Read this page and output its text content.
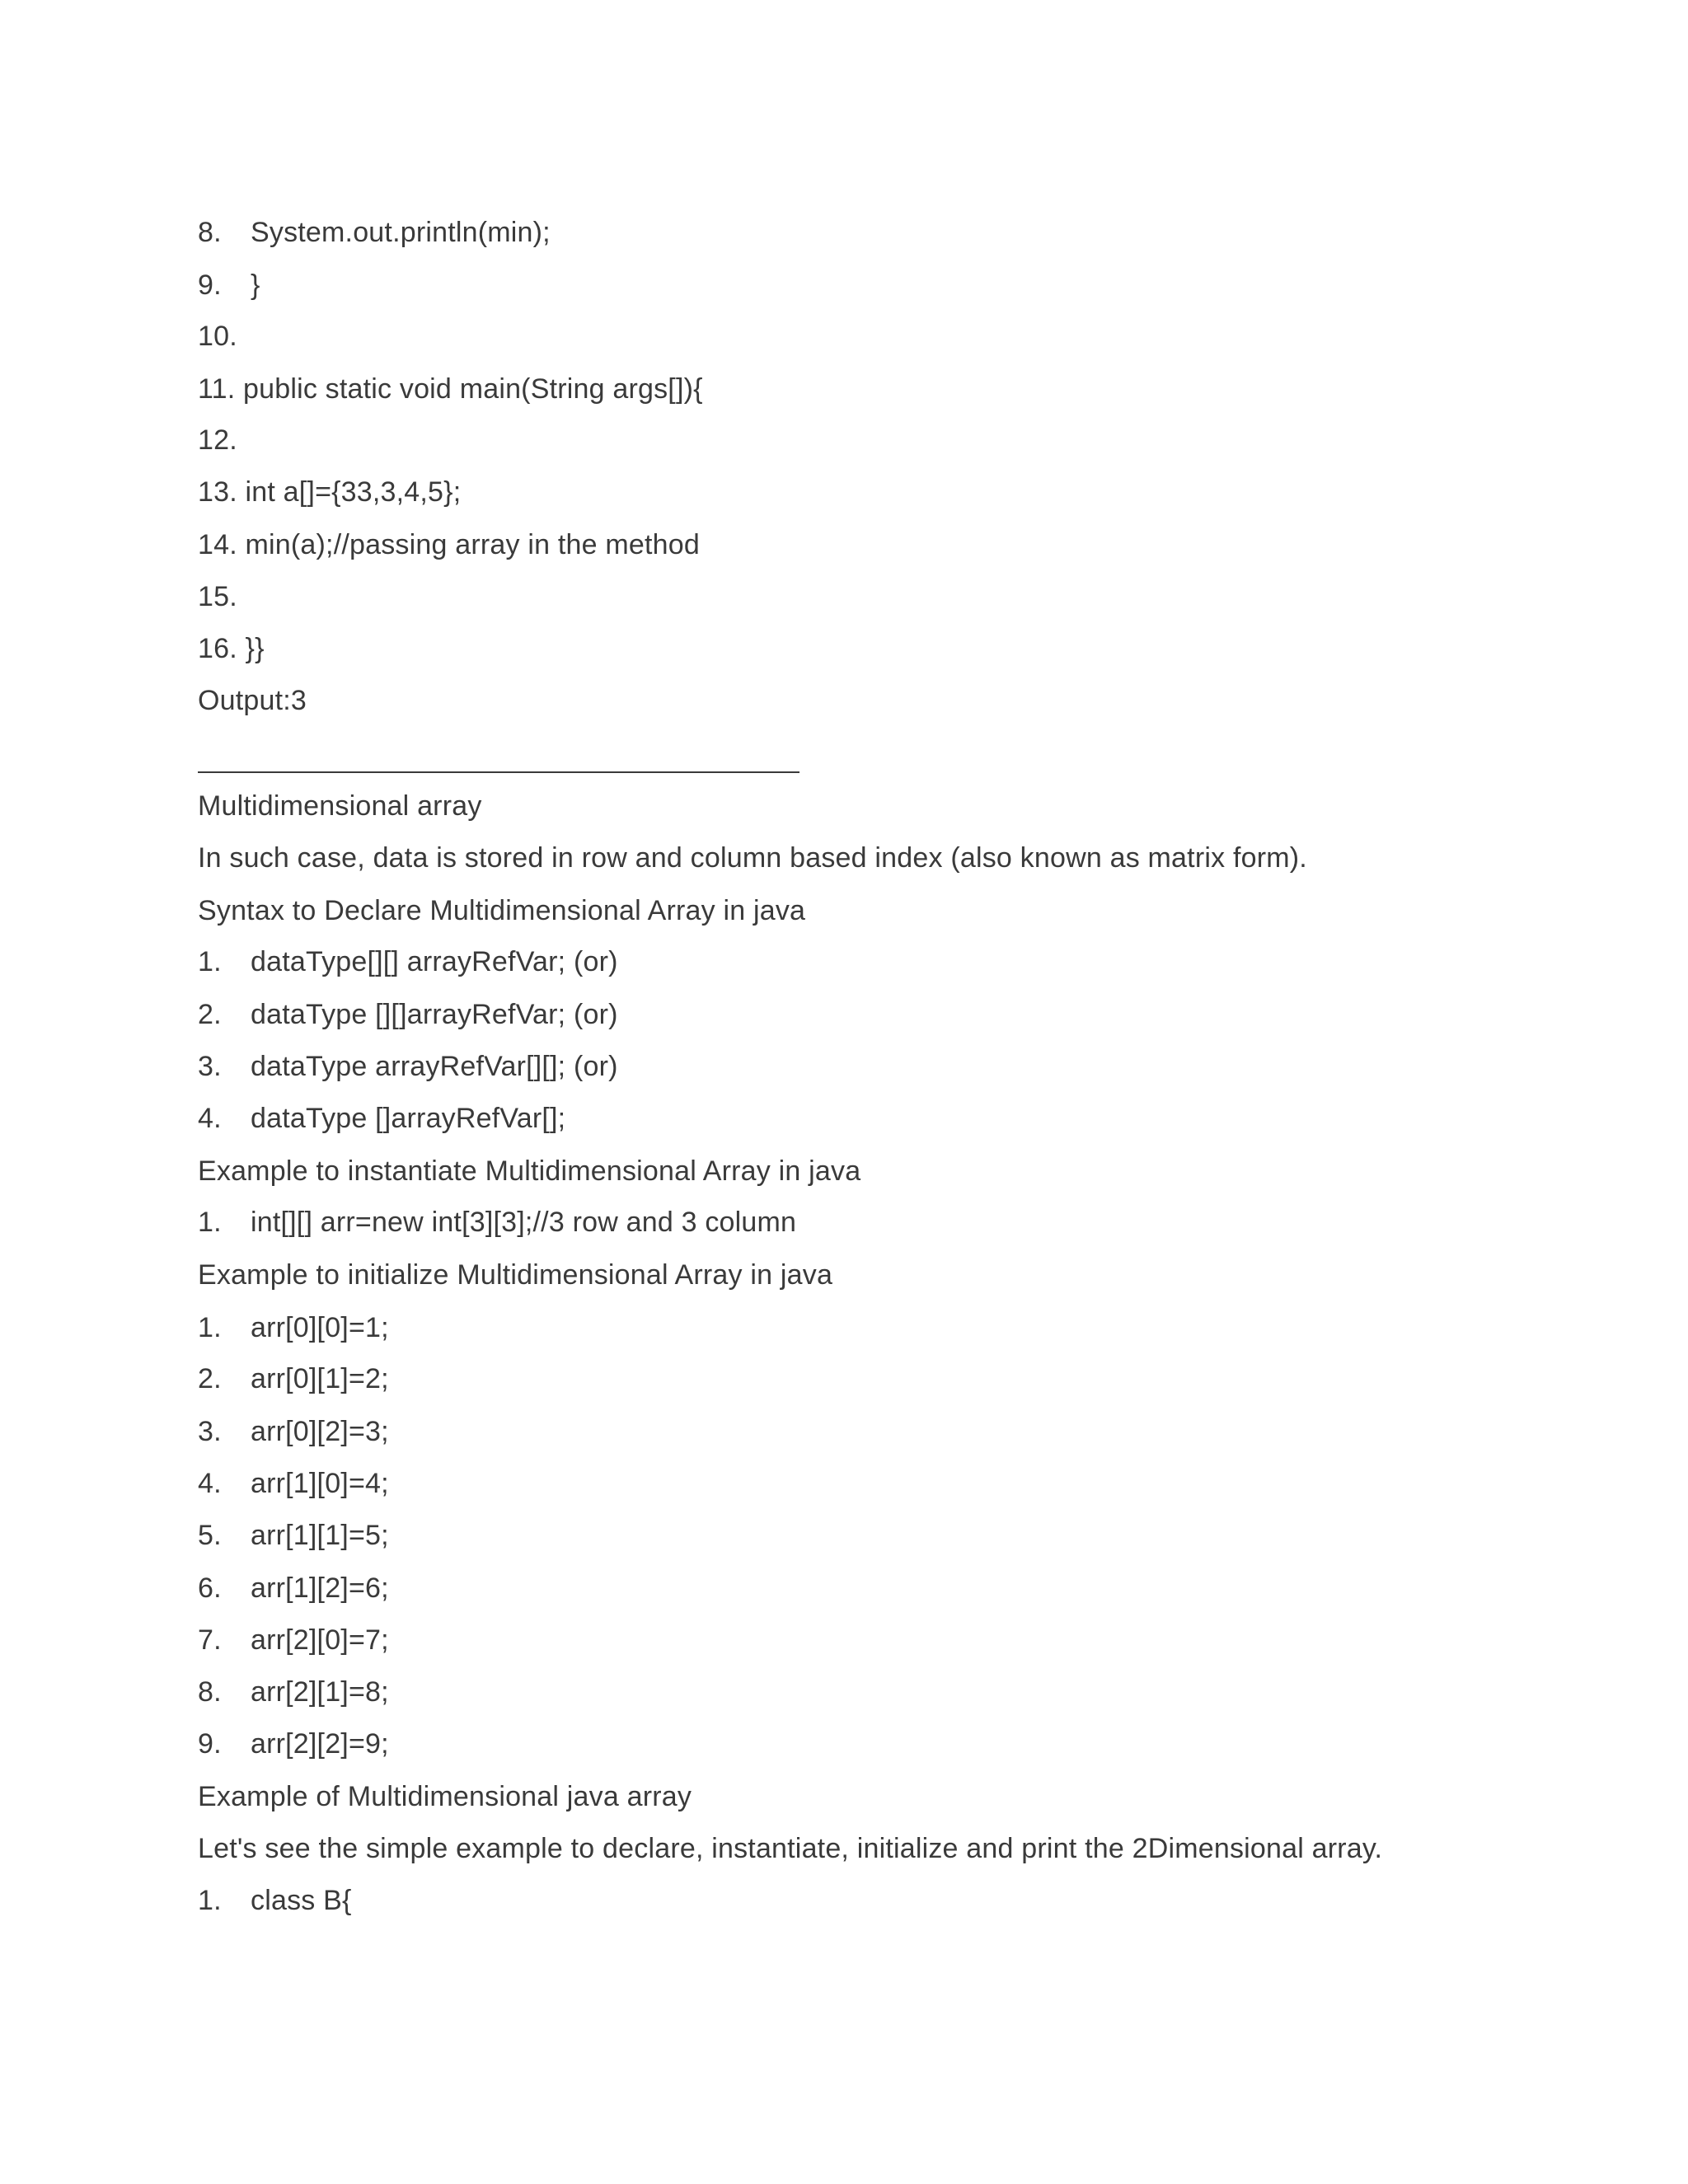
8. System.out.println(min);
9. }
10.
11. public static void main(String args[]){
12.
13. int a[]={33,3,4,5};
14. min(a);//passing array in the method
15.
16. }}
Output:3
Multidimensional array
In such case, data is stored in row and column based index (also known as matrix form).
Syntax to Declare Multidimensional Array in java
1. dataType[][] arrayRefVar; (or)
2. dataType [][]arrayRefVar; (or)
3. dataType arrayRefVar[][]; (or)
4. dataType []arrayRefVar[];
Example to instantiate Multidimensional Array in java
1. int[][] arr=new int[3][3];//3 row and 3 column
Example to initialize Multidimensional Array in java
1. arr[0][0]=1;
2. arr[0][1]=2;
3. arr[0][2]=3;
4. arr[1][0]=4;
5. arr[1][1]=5;
6. arr[1][2]=6;
7. arr[2][0]=7;
8. arr[2][1]=8;
9. arr[2][2]=9;
Example of Multidimensional java array
Let's see the simple example to declare, instantiate, initialize and print the 2Dimensional array.
1. class B{
